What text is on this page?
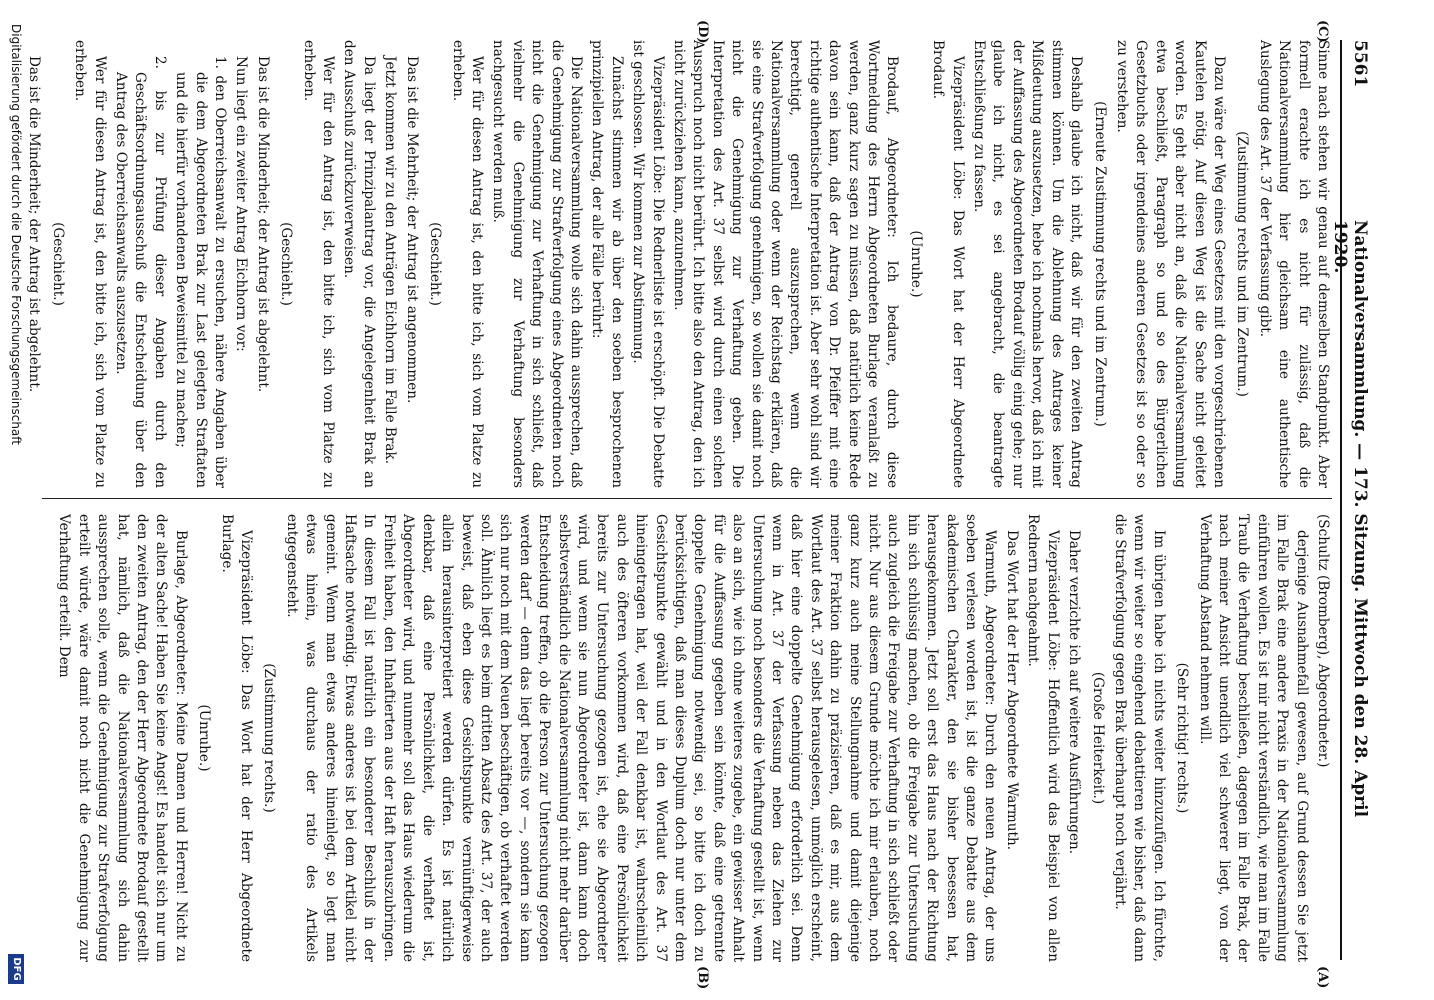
5561
Nationalversammlung. — 173. Sitzung. Mittwoch den 28. April 1920.
(C)
(D)
(A)
(B)

Sinne nach stehen wir genau auf demselben Standpunkt. Aber formell erachte ich es nicht für zulässig, daß die Nationalversammlung hier gleichsam eine authentische Auslegung des Art. 37 der Verfassung gibt.

(Zustimmung rechts und im Zentrum.)

Dazu wäre der Weg eines Gesetzes mit den vorgeschriebenen Kautelen nötig. Auf diesen Weg ist die Sache nicht geleitet worden. Es geht aber nicht an, daß die Nationalversammlung etwa beschließt, Paragraph so und so des Bürgerlichen Gesetzbuchs oder irgendeines anderen Gesetzes ist so oder so zu verstehen.

(Erneute Zustimmung rechts und im Zentrum.)

Deshalb glaube ich nicht, daß wir für den zweiten Antrag stimmen können. Um die Ablehnung des Antrages keiner Mißdeutung auszusetzen, hebe ich nochmals hervor, daß ich mit der Auffassung des Abgeordneten Brodauf völlig einig gehe; nur glaube ich nicht, es sei angebracht, die beantragte Entschließung zu fassen.

Vizepräsident Löbe: Das Wort hat der Herr Abgeordnete Brodauf.

(Unruhe.)

Brodauf, Abgeordneter: Ich bedaure, durch diese Wortmeldung des Herrn Abgeordneten Burlage veranlaßt zu werden, ganz kurz sagen zu müssen, daß natürlich keine Rede davon sein kann, daß der Antrag von Dr. Pfeiffer mit eine richtige authentische Interpretation ist. Aber sehr wohl sind wir berechtigt, generell auszusprechen, wenn die Nationalversammlung oder wenn der Reichstag erklären, daß sie eine Strafverfolgung genehmigen, so wollen sie damit noch nicht die Genehmigung zur Verhaftung geben. Die Interpretation des Art. 37 selbst wird durch einen solchen Ausspruch noch nicht berührt. Ich bitte also den Antrag, den ich nicht zurückziehen kann, anzunehmen.

Vizepräsident Löbe: Die Rednerliste ist erschöpft. Die Debatte ist geschlossen. Wir kommen zur Abstimmung.

Zunächst stimmen wir ab über den soeben besprochenen prinzipiellen Antrag, der alle Fälle berührt:

Die Nationalversammlung wolle sich dahin aussprechen, daß die Genehmigung zur Strafverfolgung eines Abgeordneten noch nicht die Genehmigung zur Verhaftung in sich schließt, daß vielmehr die Genehmigung zur Verhaftung besonders nachgesucht werden muß.

Wer für diesen Antrag ist, den bitte ich, sich vom Platze zu erheben.

(Geschieht.)

Das ist die Mehrheit; der Antrag ist angenommen.

Jetzt kommen wir zu den Anträgen Eichhorn im Falle Brak.

Da liegt der Prinzipalantrag vor, die Angelegenheit Brak an den Ausschuß zurückzuverweisen.

Wer für den Antrag ist, den bitte ich, sich vom Platze zu erheben.

(Geschieht.)

Das ist die Minderheit; der Antrag ist abgelehnt.

Nun liegt ein zweiter Antrag Eichhorn vor:

1. den Oberreichsanwalt zu ersuchen, nähere Angaben über die dem Abgeordneten Brak zur Last gelegten Straftaten und die hierfür vorhandenen Beweismittel zu machen;

2. bis zur Prüfung dieser Angaben durch den Geschäftsordnungsausschuß die Entscheidung über den Antrag des Oberreichsanwalts auszusetzen.

Wer für diesen Antrag ist, den bitte ich, sich vom Platze zu erheben.

(Geschieht.)

Das ist die Minderheit; der Antrag ist abgelehnt.

(Schultz (Bromberg), Abgeordneter.)

derjenige Ausnahmefall gewesen, auf Grund dessen Sie jetzt im Falle Brak eine andere Praxis in der Nationalversammlung einführen wollen. Es ist mir nicht verständlich, wie man im Falle Traub die Verhaftung beschließen, dagegen im Falle Brak, der nach meiner Ansicht unendlich viel schwerer liegt, von der Verhaftung Abstand nehmen will.

(Sehr richtig! rechts.)

Im übrigen habe ich nichts weiter hinzuzufügen. Ich fürchte, wenn wir weiter so eingehend debattieren wie bisher, daß dann die Strafverfolgung gegen Brak überhaupt noch verjährt.

(Große Heiterkeit.)

Daher verzichte ich auf weitere Ausführungen.

Vizepräsident Löbe: Hoffentlich wird das Beispiel von allen Rednern nachgeahmt.

Das Wort hat der Herr Abgeordnete Warmuth.

Warmuth, Abgeordneter: Durch den neuen Antrag, der uns soeben verlesen worden ist, ist die ganze Debatte aus dem akademischen Charakter, den sie bisher besessen hat, herausgekommen. Jetzt soll erst das Haus nach der Richtung hin sich schlüssig machen, ob die Freigabe zur Untersuchung auch zugleich die Freigabe zur Verhaftung in sich schließt oder nicht. Nur aus diesem Grunde möchte ich mir erlauben, noch ganz kurz auch meine Stellungnahme und damit diejenige meiner Fraktion dahin zu präzisieren, daß es mir, aus dem Wortlaut des Art. 37 selbst herausgelesen, unmöglich erscheint, daß hier eine doppelte Genehmigung erforderlich sei. Denn wenn in Art. 37 der Verfassung neben das Ziehen zur Untersuchung noch besonders die Verhaftung gestellt ist, wenn also an sich, wie ich ohne weiteres zugebe, ein gewisser Anhalt für die Auffassung gegeben sein könnte, daß eine getrennte doppelte Genehmigung notwendig sei, so bitte ich doch zu berücksichtigen, daß man dieses Duplum doch nur unter dem Gesichtspunkte gewählt und in den Wortlaut des Art. 37 hineingetragen hat, weil der Fall denkbar ist, wahrscheinlich auch des öfteren vorkommen wird, daß eine Persönlichkeit bereits zur Untersuchung gezogen ist, ehe sie Abgeordneter wird, und wenn sie nun Abgeordneter ist, dann kann doch selbstverständlich die Nationalversammlung nicht mehr darüber Entscheidung treffen, ob die Person zur Untersuchung gezogen werden darf — denn das liegt bereits vor —, sondern sie kann sich nur noch mit dem Neuen beschäftigen, ob verhaftet werden soll. Ähnlich liegt es beim dritten Absatz des Art. 37, der auch beweist, daß eben diese Gesichtspunkte vernünftigerweise allein herausinterpretiert werden dürfen. Es ist natürlich denkbar, daß eine Persönlichkeit, die verhaftet ist, Abgeordneter wird, und nunmehr soll das Haus wiederum die Freiheit haben, den Inhaftierten aus der Haft herauszubringen. In diesem Fall ist natürlich ein besonderer Beschluß in der Haftsache notwendig. Etwas anderes ist bei dem Artikel nicht gemeint. Wenn man etwas anderes hineinlegt, so legt man etwas hinein, was durchaus der ratio des Artikels entgegensteht.

(Zustimmung rechts.)

Vizepräsident Löbe: Das Wort hat der Herr Abgeordnete Burlage.

(Unruhe.)

Burlage, Abgeordneter: Meine Damen und Herren! Nicht zu der alten Sache! Haben Sie keine Angst! Es handelt sich nur um den zweiten Antrag, den der Herr Abgeordnete Brodauf gestellt hat, nämlich, daß die Nationalversammlung sich dahin aussprechen solle, wenn die Genehmigung zur Strafverfolgung erteilt würde, wäre damit noch nicht die Genehmigung zur Verhaftung erteilt. Dem

Digitalisierung gefördert durch die Deutsche Forschungsgemeinschaft
DFG
